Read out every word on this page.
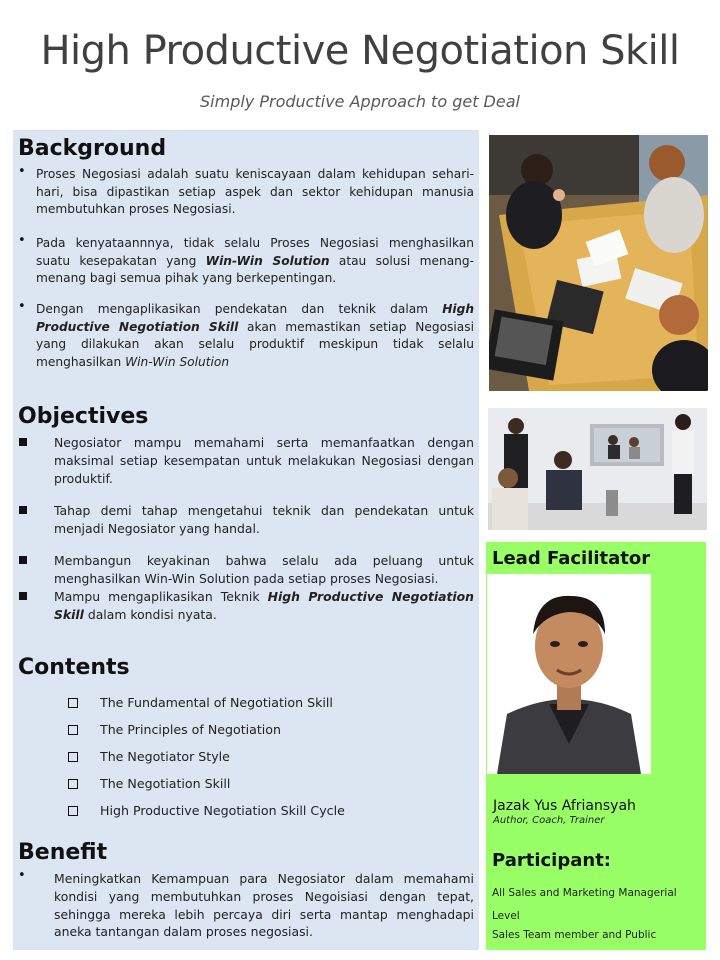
High Productive Negotiation Skill

Simply Productive Approach to get Deal

Background
• Proses Negosiasi adalah suatu keniscayaan dalam kehidupan sehari-hari, bisa dipastikan setiap aspek dan sektor kehidupan manusia membutuhkan proses Negosiasi.

• Pada kenyataannnya, tidak selalu Proses Negosiasi menghasilkan suatu kesepakatan yang Win-Win Solution atau solusi menang-menang bagi semua pihak yang berkepentingan.

• Dengan mengaplikasikan pendekatan dan teknik dalam High Productive Negotiation Skill akan memastikan setiap Negosiasi yang dilakukan akan selalu produktif meskipun tidak selalu menghasilkan Win-Win Solution

Objectives

Negosiator mampu memahami serta memanfaatkan dengan maksimal setiap kesempatan untuk melakukan Negosiasi dengan produktif.

Tahap demi tahap mengetahui teknik dan pendekatan untuk menjadi Negosiator yang handal.

Membangun keyakinan bahwa selalu ada peluang untuk menghasilkan Win-Win Solution pada setiap proses Negosiasi.

Mampu mengaplikasikan Teknik High Productive Negotiation Skill dalam kondisi nyata.

Contents
The Fundamental of Negotiation Skill
The Principles of Negotiation
The Negotiator Style
The Negotiation Skill
High Productive Negotiation Skill Cycle
Benefit
• Meningkatkan Kemampuan para Negosiator dalam memahami kondisi yang membutuhkan proses Negoisiasi dengan tepat, sehingga mereka lebih percaya diri serta mantap menghadapi aneka tantangan dalam proses negosiasi.

Lead Facilitator
Jazak Yus Afriansyah
Author, Coach, Trainer
Participant:
All Sales and Marketing Managerial Level
Sales Team member and Public
